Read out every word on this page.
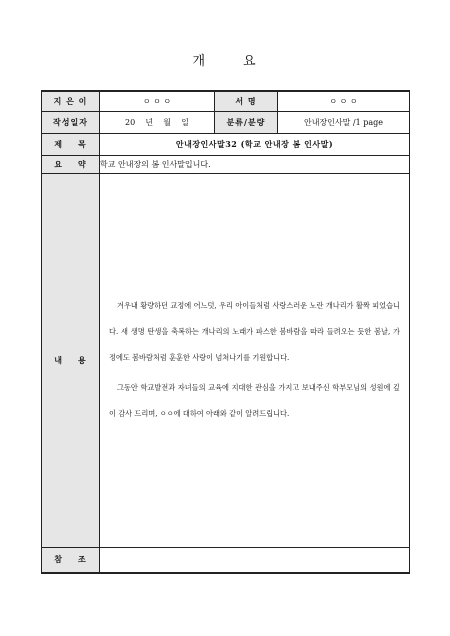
개	요
지 은 이	ㅇ ㅇ ㅇ	서 명	ㅇ ㅇ ㅇ
작성일자	20    년    월    일	분류/분량	안내장인사말 /1 page
제    목	안내장인사말32 (학교 안내장 봄 인사말)		
요    약	학교 안내장의 봄 인사말입니다.		
내    용	겨우내 황량하던 교정에 어느덧, 우리 아이들처럼 사랑스러운 노란 개나리가 활짝 피었습니다. 새 생명 탄생을 축복하는 개나리의 노래가 파스한 봄바람을 따라 들려오는 듯한 봄날, 가정에도 봄바람처럼 훈훈한 사랑이 넘쳐나기를 기원합니다.

그동안 학교발전과 자녀들의 교육에 지대한 관심을 가지고 보내주신 학부모님의 성원에 깊이 감사 드리며, ㅇㅇ에 대하여 아래와 같이 알려드립니다.		

참    조			
